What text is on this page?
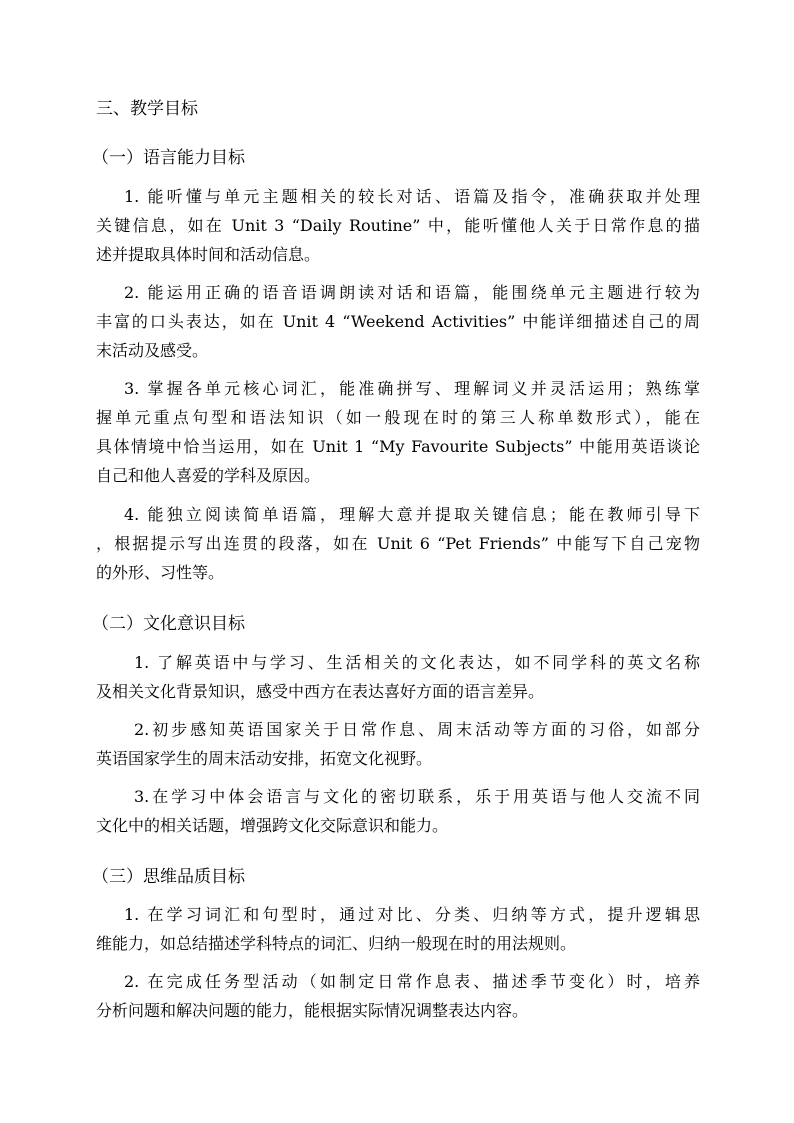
三、教学目标
（一）语言能力目标
1. 能听懂与单元主题相关的较长对话、语篇及指令，准确获取并处理
关键信息，如在 Unit 3 “Daily Routine” 中，能听懂他人关于日常作息的描
述并提取具体时间和活动信息。
2. 能运用正确的语音语调朗读对话和语篇，能围绕单元主题进行较为
丰富的口头表达，如在 Unit 4 “Weekend Activities” 中能详细描述自己的周
末活动及感受。
3. 掌握各单元核心词汇，能准确拼写、理解词义并灵活运用；熟练掌
握单元重点句型和语法知识（如一般现在时的第三人称单数形式），能在
具体情境中恰当运用，如在 Unit 1 “My Favourite Subjects” 中能用英语谈论
自己和他人喜爱的学科及原因。
4. 能独立阅读简单语篇，理解大意并提取关键信息；能在教师引导下
，根据提示写出连贯的段落，如在 Unit 6 “Pet Friends” 中能写下自己宠物
的外形、习性等。
（二）文化意识目标
1. 了解英语中与学习、生活相关的文化表达，如不同学科的英文名称
及相关文化背景知识，感受中西方在表达喜好方面的语言差异。
2.初步感知英语国家关于日常作息、周末活动等方面的习俗，如部分
英语国家学生的周末活动安排，拓宽文化视野。
3.在学习中体会语言与文化的密切联系，乐于用英语与他人交流不同
文化中的相关话题，增强跨文化交际意识和能力。
（三）思维品质目标
1. 在学习词汇和句型时，通过对比、分类、归纳等方式，提升逻辑思
维能力，如总结描述学科特点的词汇、归纳一般现在时的用法规则。
2. 在完成任务型活动（如制定日常作息表、描述季节变化）时，培养
分析问题和解决问题的能力，能根据实际情况调整表达内容。
